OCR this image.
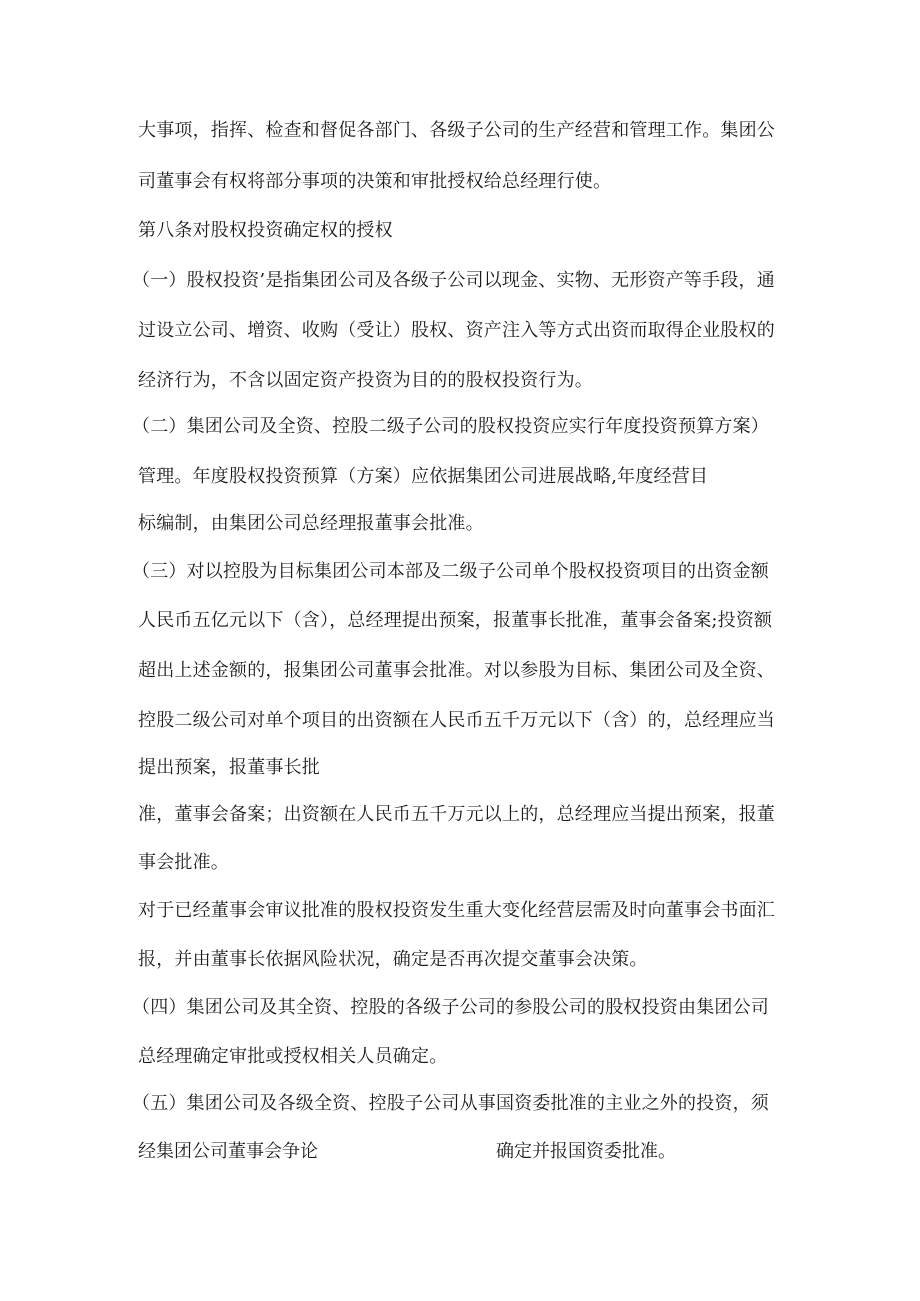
大事项，指挥、检查和督促各部门、各级子公司的生产经营和管理工作。集团公
司董事会有权将部分事项的决策和审批授权给总经理行使。
第八条对股权投资确定权的授权
（一）股权投资’是指集团公司及各级子公司以现金、实物、无形资产等手段，通
过设立公司、增资、收购（受让）股权、资产注入等方式出资而取得企业股权的
经济行为，不含以固定资产投资为目的的股权投资行为。
（二）集团公司及全资、控股二级子公司的股权投资应实行年度投资预算方案）
管理。年度股权投资预算（方案）应依据集团公司进展战略,年度经营目
标编制，由集团公司总经理报董事会批准。
（三）对以控股为目标集团公司本部及二级子公司单个股权投资项目的出资金额
人民币五亿元以下（含），总经理提出预案，报董事长批准，董事会备案;投资额
超出上述金额的，报集团公司董事会批准。对以参股为目标、集团公司及全资、
控股二级公司对单个项目的出资额在人民币五千万元以下（含）的，总经理应当
提出预案，报董事长批
准，董事会备案；出资额在人民币五千万元以上的，总经理应当提出预案，报董
事会批准。
对于已经董事会审议批准的股权投资发生重大变化经营层需及时向董事会书面汇
报，并由董事长依据风险状况，确定是否再次提交董事会决策。
（四）集团公司及其全资、控股的各级子公司的参股公司的股权投资由集团公司
总经理确定审批或授权相关人员确定。
（五）集团公司及各级全资、控股子公司从事国资委批准的主业之外的投资，须
经集团公司董事会争论	确定并报国资委批准。
